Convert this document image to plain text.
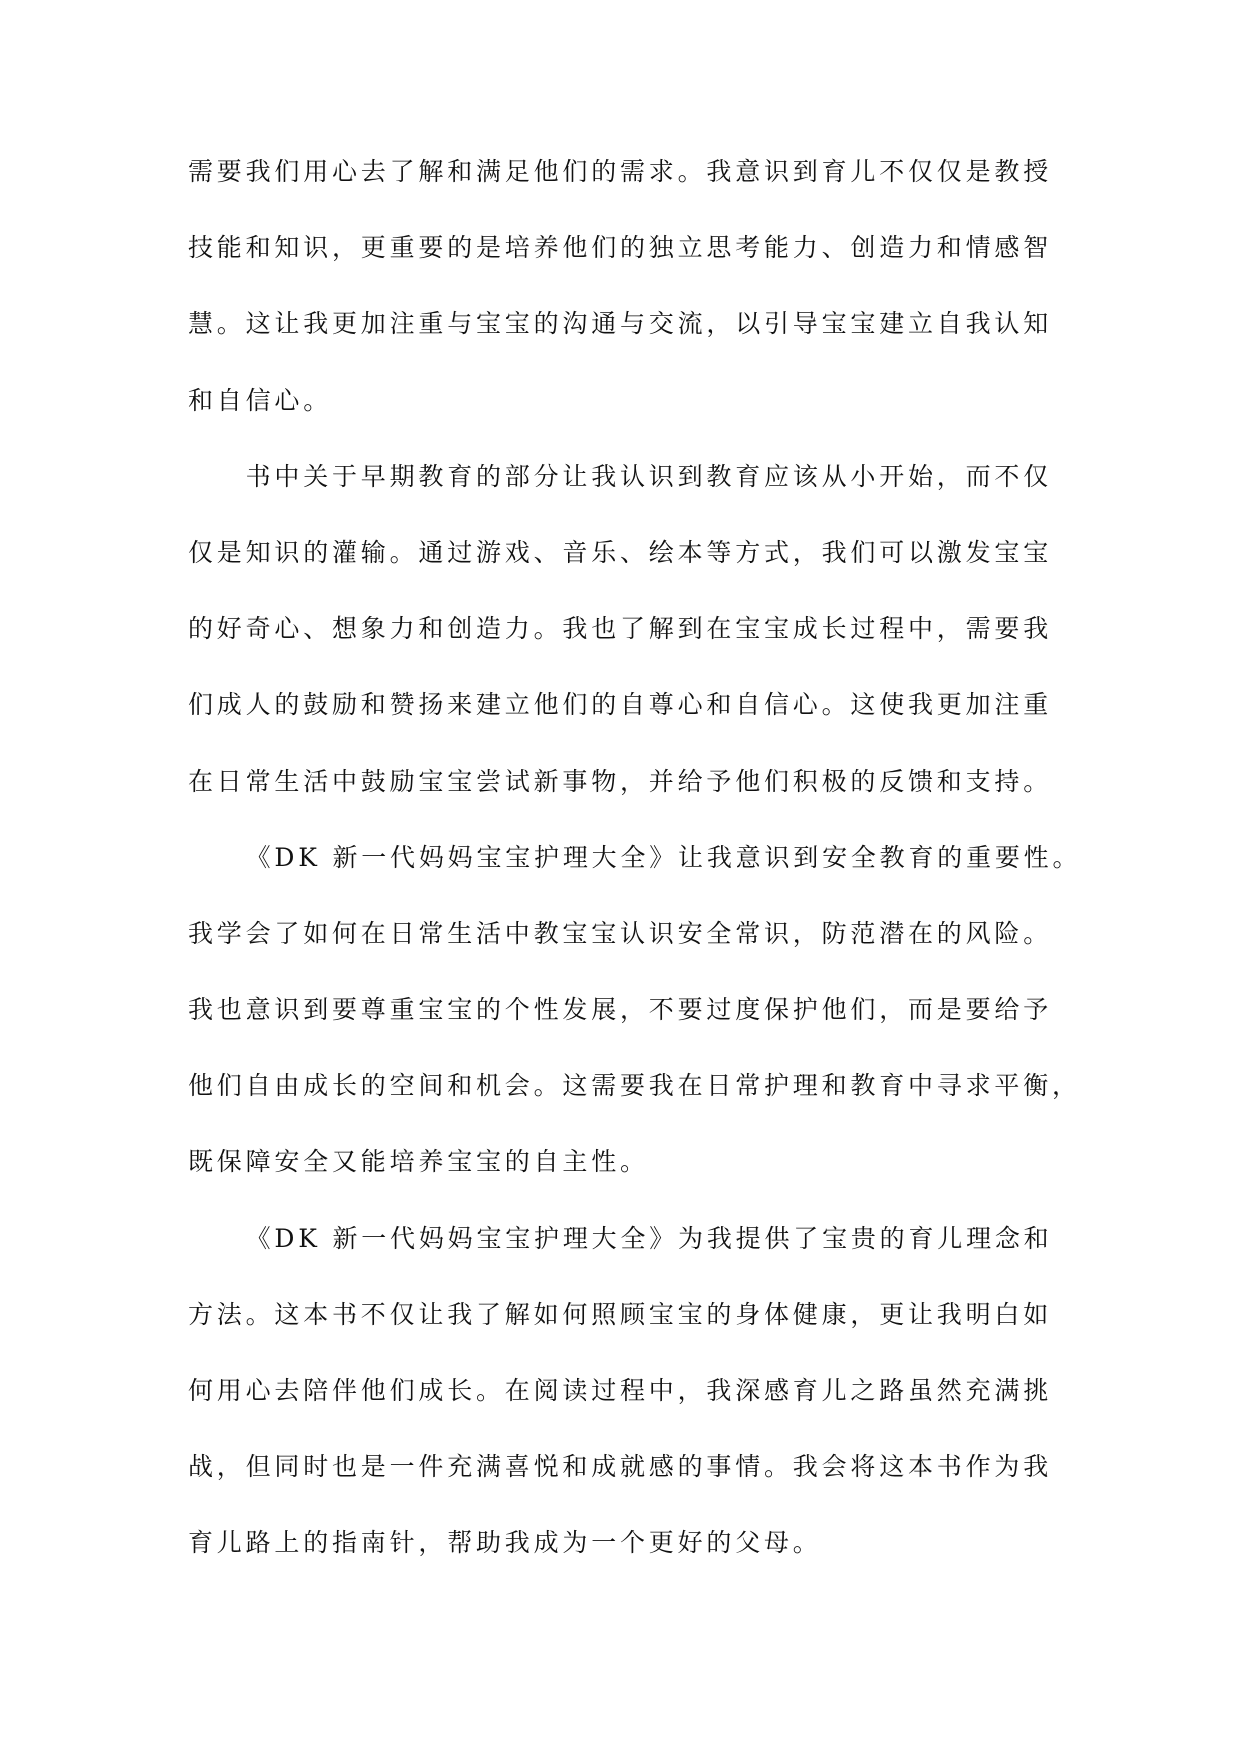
需要我们用心去了解和满足他们的需求。我意识到育儿不仅仅是教授
技能和知识，更重要的是培养他们的独立思考能力、创造力和情感智
慧。这让我更加注重与宝宝的沟通与交流，以引导宝宝建立自我认知
和自信心。
书中关于早期教育的部分让我认识到教育应该从小开始，而不仅
仅是知识的灌输。通过游戏、音乐、绘本等方式，我们可以激发宝宝
的好奇心、想象力和创造力。我也了解到在宝宝成长过程中，需要我
们成人的鼓励和赞扬来建立他们的自尊心和自信心。这使我更加注重
在日常生活中鼓励宝宝尝试新事物，并给予他们积极的反馈和支持。
《DK 新一代妈妈宝宝护理大全》让我意识到安全教育的重要性。
我学会了如何在日常生活中教宝宝认识安全常识，防范潜在的风险。
我也意识到要尊重宝宝的个性发展，不要过度保护他们，而是要给予
他们自由成长的空间和机会。这需要我在日常护理和教育中寻求平衡，
既保障安全又能培养宝宝的自主性。
《DK 新一代妈妈宝宝护理大全》为我提供了宝贵的育儿理念和
方法。这本书不仅让我了解如何照顾宝宝的身体健康，更让我明白如
何用心去陪伴他们成长。在阅读过程中，我深感育儿之路虽然充满挑
战，但同时也是一件充满喜悦和成就感的事情。我会将这本书作为我
育儿路上的指南针，帮助我成为一个更好的父母。
